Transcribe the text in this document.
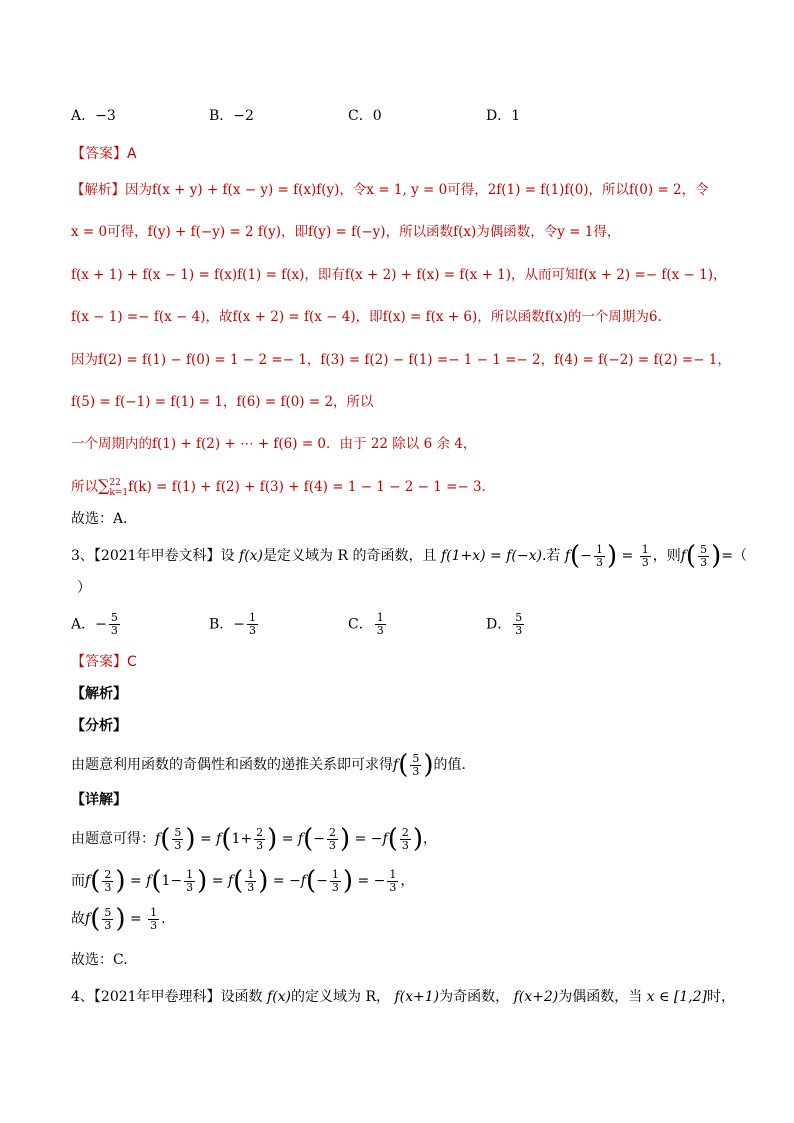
A．−3	B．−2	C．0	D．1
【答案】A
【解析】因为f(x + y) + f(x − y) = f(x)f(y)，令x = 1, y = 0可得，2f(1) = f(1)f(0)，所以f(0) = 2，令
x = 0可得，f(y) + f(−y) = 2 f(y)，即f(y) = f(−y)，所以函数f(x)为偶函数，令y = 1得，
f(x + 1) + f(x − 1) = f(x)f(1) = f(x)，即有f(x + 2) + f(x) = f(x + 1)，从而可知f(x + 2) =− f(x − 1)，
f(x − 1) =− f(x − 4)，故f(x + 2) = f(x − 4)，即f(x) = f(x + 6)，所以函数f(x)的一个周期为6.
因为f(2) = f(1) − f(0) = 1 − 2 =− 1，f(3) = f(2) − f(1) =− 1 − 1 =− 2，f(4) = f(−2) = f(2) =− 1，
f(5) = f(−1) = f(1) = 1，f(6) = f(0) = 2，所以
一个周期内的f(1) + f(2) + ⋯ + f(6) = 0．由于 22 除以 6 余 4，
所以∑ 22
k=1 f(k) = f(1) + f(2) + f(3) + f(4) = 1 − 1 − 2 − 1 =− 3．
故选：A．
3、【2021年甲卷文科】设 f(x)是定义域为 R 的奇函数，且 f(1+x) = f(−x).若 $f(- \frac{1}{3}$ ) = $\frac{1}{3}$ ，则$f( \frac{5}{3}$ )=（
）
A．− $\frac{5}{3}$	B．− $\frac{1}{3}$	C． $\frac{1}{3}$	D． $\frac{5}{3}$
【答案】C
【解析】
【分析】
由题意利用函数的奇偶性和函数的递推关系即可求得$f( \frac{5}{3}$ )的值.
【详解】
由题意可得：$f( \frac{5}{3}$ ) = $f(1+ \frac{2}{3}$ ) = $f(- \frac{2}{3}$ ) = $-f( \frac{2}{3}$ )，
而$f( \frac{2}{3}$ ) = $f(1- \frac{1}{3}$ ) = $f( \frac{1}{3}$ ) = $-f(- \frac{1}{3}$ ) = − $\frac{1}{3}$ ，
故$f( \frac{5}{3}$ ) = $\frac{1}{3}$ .
故选：C.
4、【2021年甲卷理科】设函数 f(x)的定义域为 R， f(x+1)为奇函数， f(x+2)为偶函数，当 x ∈ [1,2]时，
